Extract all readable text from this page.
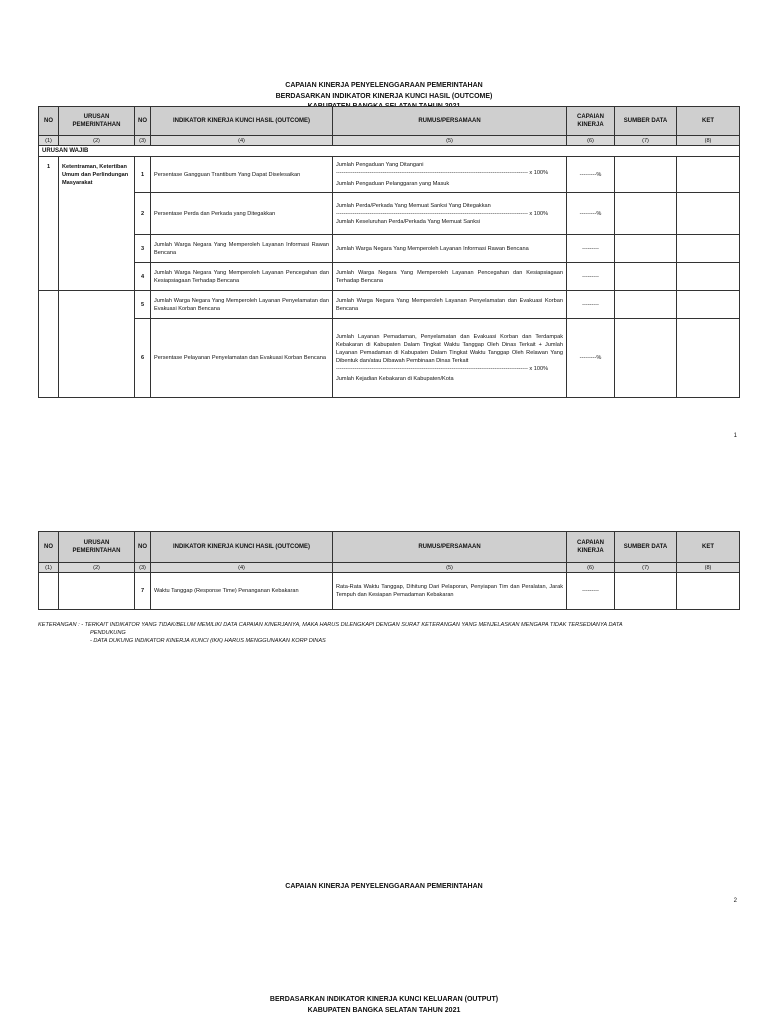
CAPAIAN KINERJA PENYELENGGARAAN PEMERINTAHAN
BERDASARKAN INDIKATOR KINERJA KUNCI HASIL (OUTCOME)
NO	URUSAN PEMERINTAHAN	NO	INDIKATOR KINERJA KUNCI HASIL (OUTCOME)	RUMUS/PERSAMAAN	CAPAIAN KINERJA	SUMBER DATA	KET
(1)	(2)	(3)	(4)	(5)	(6)	(7)	(8)
URUSAN WAJIB							
1	Ketentraman, Ketertiban Umum dan Perlindungan Masyarakat	1	Persentase Gangguan Trantibum Yang Dapat Diselesaikan	Jumlah Pengaduan Yang Ditangani
------------------------------------------------------------------------------------------------------- x 100%
Jumlah Pengaduan Pelanggaran yang Masuk	---------%		
		2	Persentase Perda dan Perkada yang Ditegakkan	Jumlah Perda/Perkada Yang Memuat Sanksi Yang Ditegakkan
------------------------------------------------------------------------------------------------------- x 100%
Jumlah Keseluruhan Perda/Perkada Yang Memuat Sanksi	---------%		
		3	Jumlah Warga Negara Yang Memperoleh Layanan Informasi Rawan Bencana	Jumlah Warga Negara Yang Memperoleh Layanan Informasi Rawan Bencana	---------		
		4	Jumlah Warga Negara Yang Memperoleh Layanan Pencegahan dan Kesiapsiagaan Terhadap Bencana	Jumlah Warga Negara Yang Memperoleh Layanan Pencegahan dan Kesiapsiagaan Terhadap Bencana	---------		
		5	Jumlah Warga Negara Yang Memperoleh Layanan Penyelamatan dan Evakuasi Korban Bencana	Jumlah Warga Negara Yang Memperoleh Layanan Penyelamatan dan Evakuasi Korban Bencana	---------		
		6	Persentase Pelayanan Penyelamatan dan Evakuasi Korban Bencana	Jumlah Layanan Pemadaman, Penyelamatan dan Evakuasi Korban dan Terdampak Kebakaran di Kabupaten Dalam Tingkat Waktu Tanggap Oleh Dinas Terkait + Jumlah Layanan Pemadaman di Kabupaten Dalam Tingkat Waktu Tanggap Oleh Relawan Yang Dibentuk dan/atau Dibawah Pembinaan Dinas Terkait
------------------------------------------------------------------------------------------------------- x 100%
Jumlah Kejadian Kebakaran di Kabupaten/Kota	---------%		
1
NO	URUSAN PEMERINTAHAN	NO	INDIKATOR KINERJA KUNCI HASIL (OUTCOME)	RUMUS/PERSAMAAN	CAPAIAN KINERJA	SUMBER DATA	KET
(1)	(2)	(3)	(4)	(5)	(6)	(7)	(8)
		7	Waktu Tanggap (Response Time) Penanganan Kebakaran	Rata-Rata Waktu Tanggap, Dihitung Dari Pelaporan, Penyiapan Tim dan Peralatan, Jarak Tempuh dan Kesiapan Pemadaman Kebakaran	---------		
KETERANGAN : - TERKAIT INDIKATOR YANG TIDAK/BELUM MEMILIKI DATA CAPAIAN KINERJANYA, MAKA HARUS DILENGKAPI DENGAN SURAT KETERANGAN YANG MENJELASKAN MENGAPA TIDAK TERSEDIANYA DATA
PENDUKUNG
- DATA DUKUNG INDIKATOR KINERJA KUNCI (IKK) HARUS MENGGUNAKAN KORP DINAS
CAPAIAN KINERJA PENYELENGGARAAN PEMERINTAHAN
2
BERDASARKAN INDIKATOR KINERJA KUNCI KELUARAN (OUTPUT)
KABUPATEN BANGKA SELATAN TAHUN 2021
